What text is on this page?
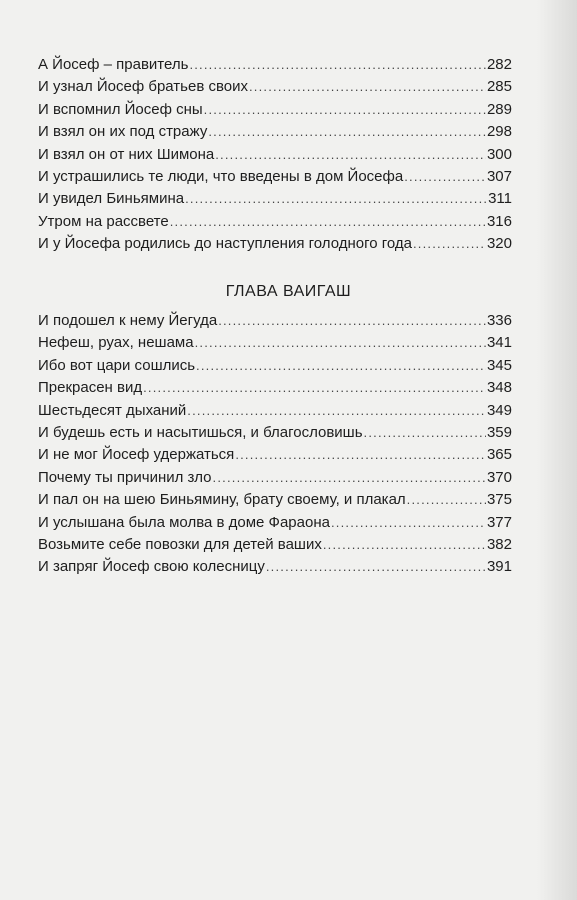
А Йосеф – правитель .....	282
И узнал Йосеф братьев своих .....	285
И вспомнил Йосеф сны .....	289
И взял он их под стражу .....	298
И взял он от них Шимона .....	300
И устрашились те люди, что введены в дом Йосефа .....	307
И увидел Биньямина .....	311
Утром на рассвете .....	316
И у Йосефа родились до наступления голодного года .....	320
ГЛАВА ВАИГАШ
И подошел к нему Йегуда .....	336
Нефеш, руах, нешама .....	341
Ибо вот цари сошлись .....	345
Прекрасен вид .....	348
Шестьдесят дыханий .....	349
И будешь есть и насытишься, и благословишь .....	359
И не мог Йосеф удержаться .....	365
Почему ты причинил зло .....	370
И пал он на шею Биньямину, брату своему, и плакал .....	375
И услышана была молва в доме Фараона .....	377
Возьмите себе повозки для детей ваших .....	382
И запряг Йосеф свою колесницу .....	391
